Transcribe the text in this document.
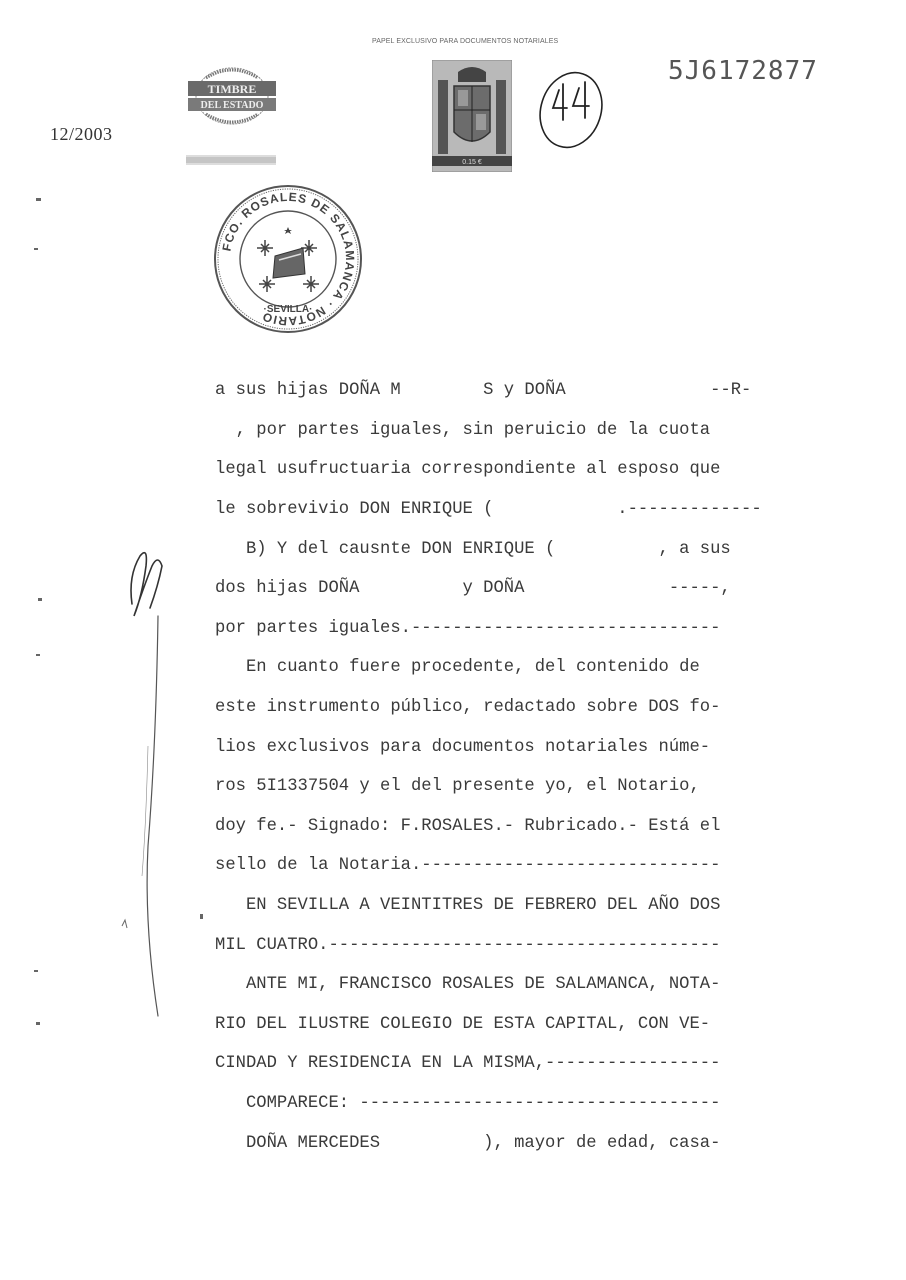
PAPEL EXCLUSIVO PARA DOCUMENTOS NOTARIALES
5J6172877
12/2003
TIMBRE
DEL ESTADO
0.15 €
FCO. ROSALES DE SALAMANCA · NOTARIO
·SEVILLA·
a sus hijas DOÑA M        S y DOÑA              --R-
, por partes iguales, sin peruicio de la cuota
legal usufructuaria correspondiente al esposo que
le sobrevivio DON ENRIQUE (            .-------------
B) Y del causnte DON ENRIQUE (          , a sus
dos hijas DOÑA          y DOÑA              -----,
por partes iguales.------------------------------
En cuanto fuere procedente, del contenido de
este instrumento público, redactado sobre DOS fo-
lios exclusivos para documentos notariales núme-
ros 5I1337504 y el del presente yo, el Notario,
doy fe.- Signado: F.ROSALES.- Rubricado.- Está el
sello de la Notaria.-----------------------------
EN SEVILLA A VEINTITRES DE FEBRERO DEL AÑO DOS
MIL CUATRO.--------------------------------------
ANTE MI, FRANCISCO ROSALES DE SALAMANCA, NOTA-
RIO DEL ILUSTRE COLEGIO DE ESTA CAPITAL, CON VE-
CINDAD Y RESIDENCIA EN LA MISMA,-----------------
COMPARECE: -----------------------------------
DOÑA MERCEDES          ), mayor de edad, casa-
